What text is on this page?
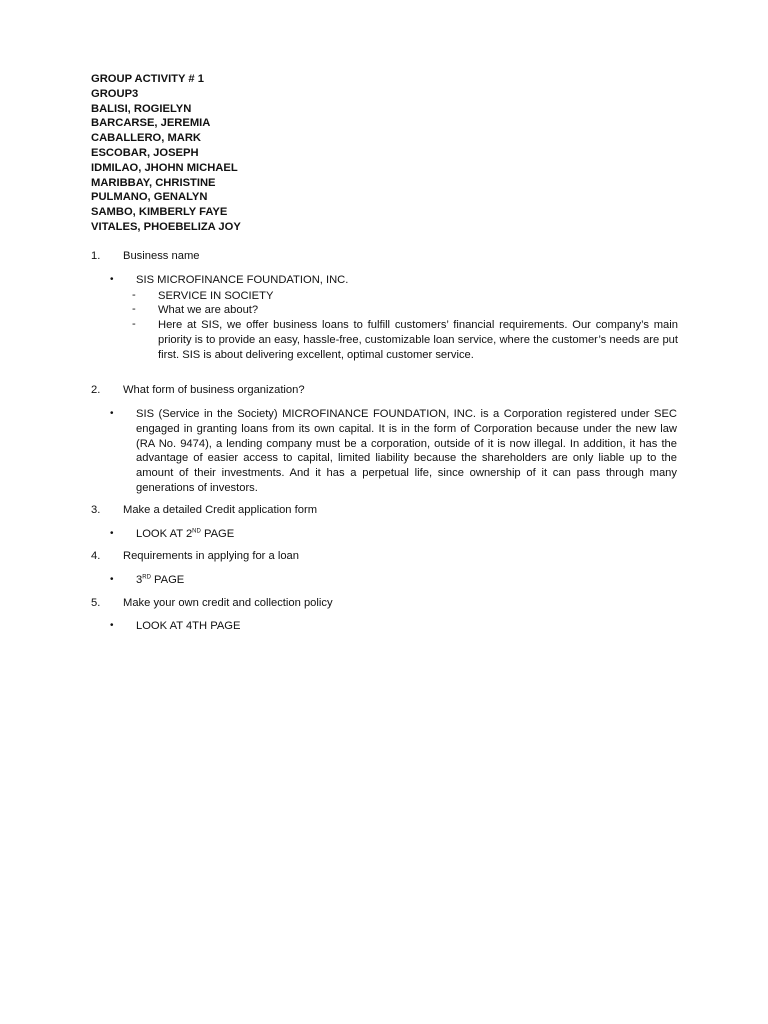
GROUP ACTIVITY # 1
GROUP3
BALISI, ROGIELYN
BARCARSE, JEREMIA
CABALLERO, MARK
ESCOBAR, JOSEPH
IDMILAO, JHOHN MICHAEL
MARIBBAY, CHRISTINE
PULMANO, GENALYN
SAMBO, KIMBERLY FAYE
VITALES, PHOEBELIZA JOY
1. Business name
• SIS MICROFINANCE FOUNDATION, INC.
- SERVICE IN SOCIETY
- What we are about?
- Here at SIS, we offer business loans to fulfill customers’ financial requirements. Our company’s main priority is to provide an easy, hassle-free, customizable loan service, where the customer’s needs are put first. SIS is about delivering excellent, optimal customer service.
2. What form of business organization?
• SIS (Service in the Society) MICROFINANCE FOUNDATION, INC. is a Corporation registered under SEC engaged in granting loans from its own capital. It is in the form of Corporation because under the new law (RA No. 9474), a lending company must be a corporation, outside of it is now illegal. In addition, it has the advantage of easier access to capital, limited liability because the shareholders are only liable up to the amount of their investments. And it has a perpetual life, since ownership of it can pass through many generations of investors.
3. Make a detailed Credit application form
• LOOK AT 2ND PAGE
4. Requirements in applying for a loan
• 3RD PAGE
5. Make your own credit and collection policy
• LOOK AT 4TH PAGE
